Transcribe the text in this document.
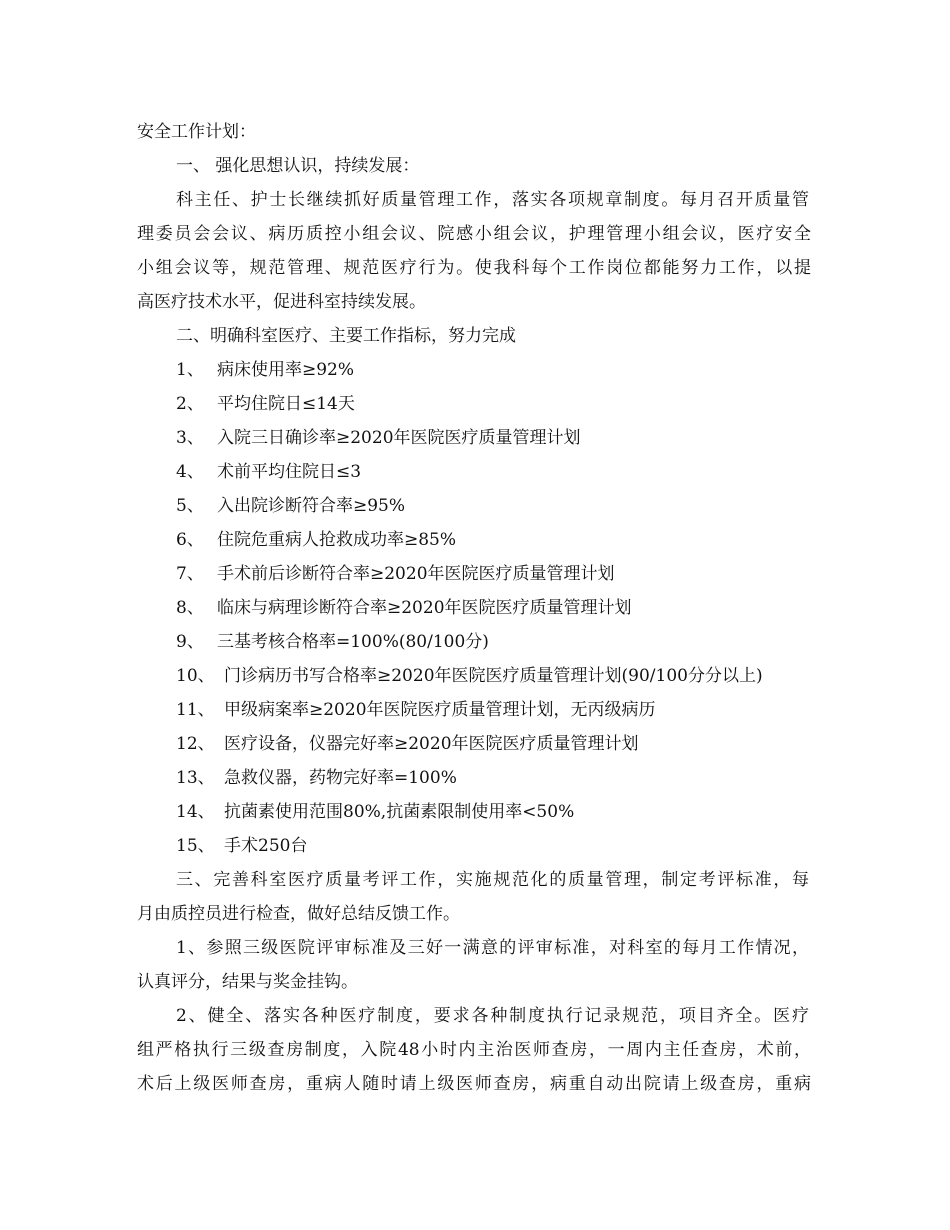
安全工作计划：
一、 强化思想认识，持续发展：
科主任、护士长继续抓好质量管理工作，落实各项规章制度。每月召开质量管
理委员会会议、病历质控小组会议、院感小组会议，护理管理小组会议，医疗安全
小组会议等，规范管理、规范医疗行为。使我科每个工作岗位都能努力工作，以提
高医疗技术水平，促进科室持续发展。
二、明确科室医疗、主要工作指标，努力完成
1、 病床使用率≥92%
2、 平均住院日≤14天
3、 入院三日确诊率≥2020年医院医疗质量管理计划
4、 术前平均住院日≤3
5、 入出院诊断符合率≥95%
6、 住院危重病人抢救成功率≥85%
7、 手术前后诊断符合率≥2020年医院医疗质量管理计划
8、 临床与病理诊断符合率≥2020年医院医疗质量管理计划
9、 三基考核合格率=100%(80/100分)
10、 门诊病历书写合格率≥2020年医院医疗质量管理计划(90/100分分以上)
11、 甲级病案率≥2020年医院医疗质量管理计划，无丙级病历
12、 医疗设备，仪器完好率≥2020年医院医疗质量管理计划
13、 急救仪器，药物完好率=100%
14、 抗菌素使用范围80%,抗菌素限制使用率<50%
15、 手术250台
三、完善科室医疗质量考评工作，实施规范化的质量管理，制定考评标准，每
月由质控员进行检查，做好总结反馈工作。
1、参照三级医院评审标准及三好一满意的评审标准，对科室的每月工作情况，
认真评分，结果与奖金挂钩。
2、健全、落实各种医疗制度，要求各种制度执行记录规范，项目齐全。医疗
组严格执行三级查房制度，入院48小时内主治医师查房，一周内主任查房，术前，
术后上级医师查房，重病人随时请上级医师查房，病重自动出院请上级查房，重病
